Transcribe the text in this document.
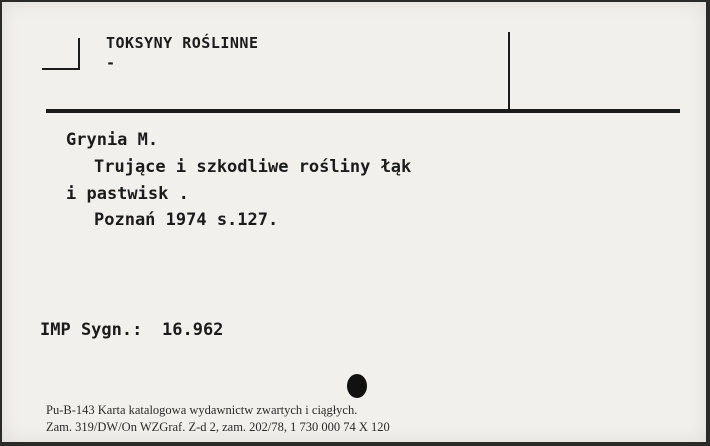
TOKSYNY ROŚLINNE
-
Grynia M.
Trujące i szkodliwe rośliny łąk
i pastwisk .
Poznań 1974 s.127.
IMP Sygn.: 16.962
Pu-B-143 Karta katalogowa wydawnictw zwartych i ciągłych.
Zam. 319/DW/On WZGraf. Z-d 2, zam. 202/78, 1 730 000 74 X 120
